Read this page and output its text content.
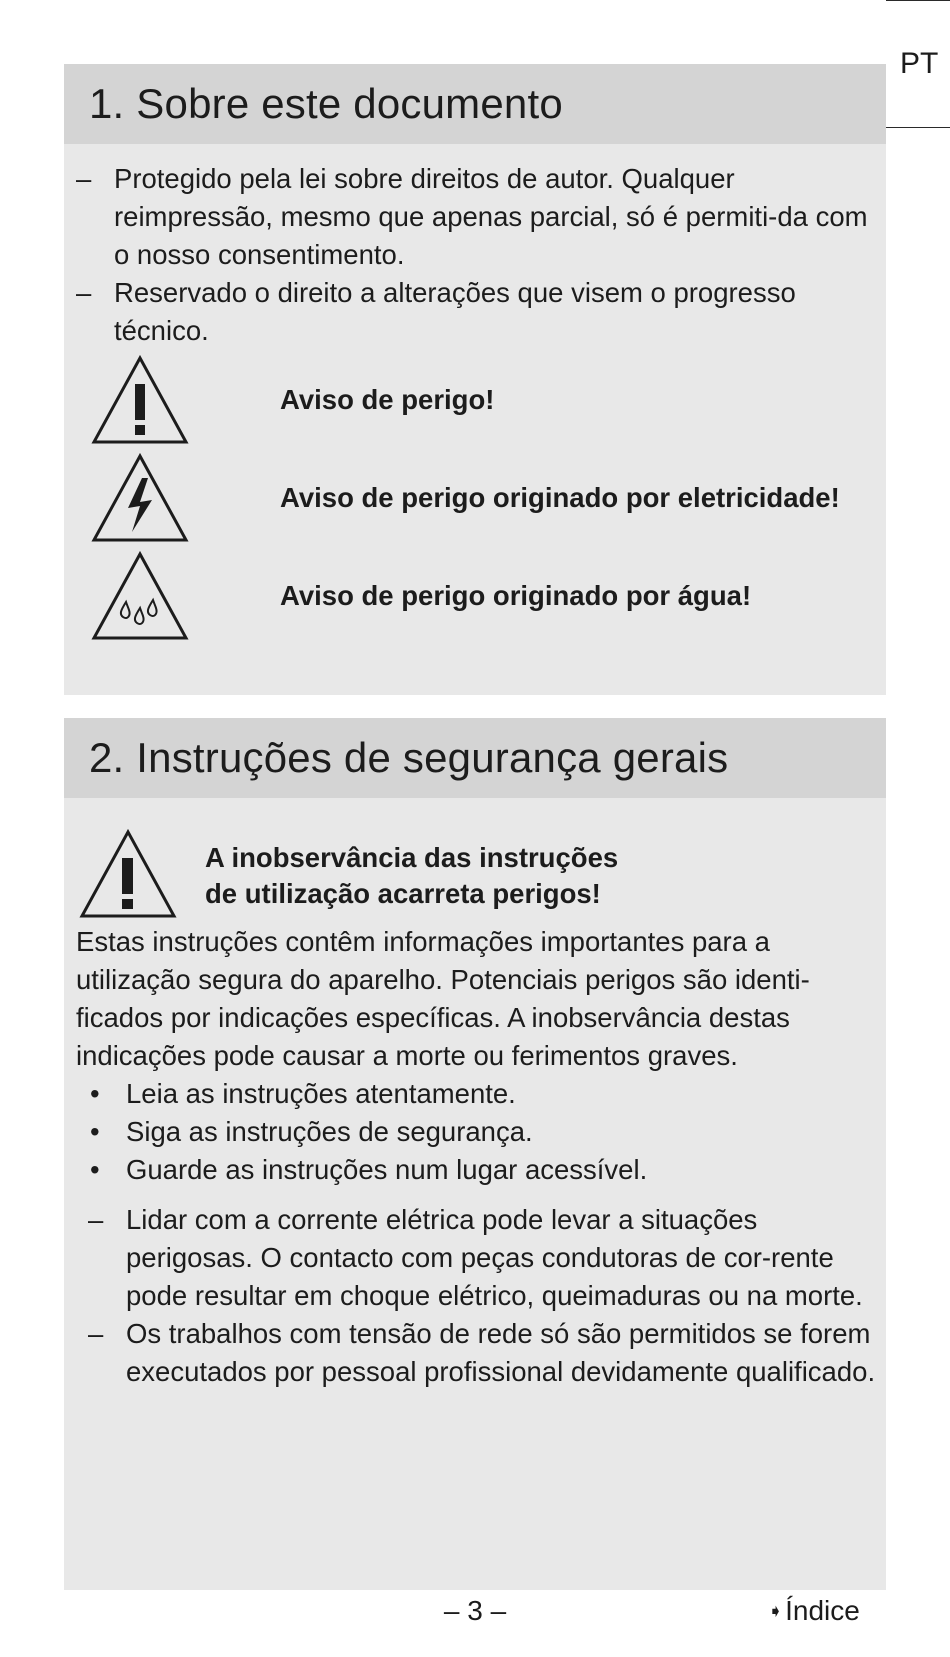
PT
1. Sobre este documento
– Protegido pela lei sobre direitos de autor. Qualquer reimpressão, mesmo que apenas parcial, só é permiti-da com o nosso consentimento.
– Reservado o direito a alterações que visem o progresso técnico.
Aviso de perigo!
Aviso de perigo originado por eletricidade!
Aviso de perigo originado por água!
2. Instruções de segurança gerais
A inobservância das instruções
de utilização acarreta perigos!

Estas instruções contêm informações importantes para a utilização segura do aparelho. Potenciais perigos são identi-ficados por indicações específicas. A inobservância destas indicações pode causar a morte ou ferimentos graves.

• Leia as instruções atentamente.
• Siga as instruções de segurança.
• Guarde as instruções num lugar acessível.
– Lidar com a corrente elétrica pode levar a situações perigosas. O contacto com peças condutoras de cor-rente pode resultar em choque elétrico, queimaduras ou na morte.
– Os trabalhos com tensão de rede só são permitidos se forem executados por pessoal profissional devidamente qualificado.
– 3 –	➧Índice
